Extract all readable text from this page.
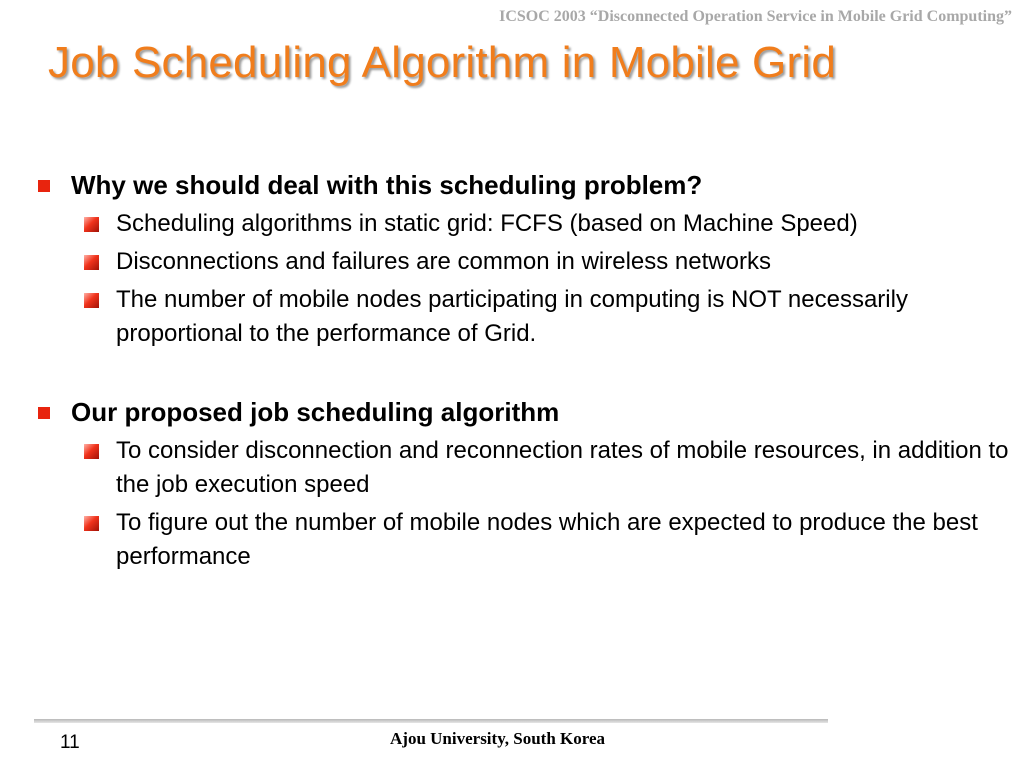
ICSOC 2003 “Disconnected Operation Service in Mobile Grid Computing”
Job Scheduling Algorithm in Mobile Grid
Why we should deal with this scheduling problem?
Scheduling algorithms in static grid: FCFS (based on Machine Speed)
Disconnections and failures are common in wireless networks
The number of mobile nodes participating in computing is NOT necessarily proportional to the performance of Grid.
Our proposed job scheduling algorithm
To consider disconnection and reconnection rates of mobile resources, in addition to the job execution speed
To figure out the number of mobile nodes which are expected to produce the best performance
11	Ajou University, South Korea
